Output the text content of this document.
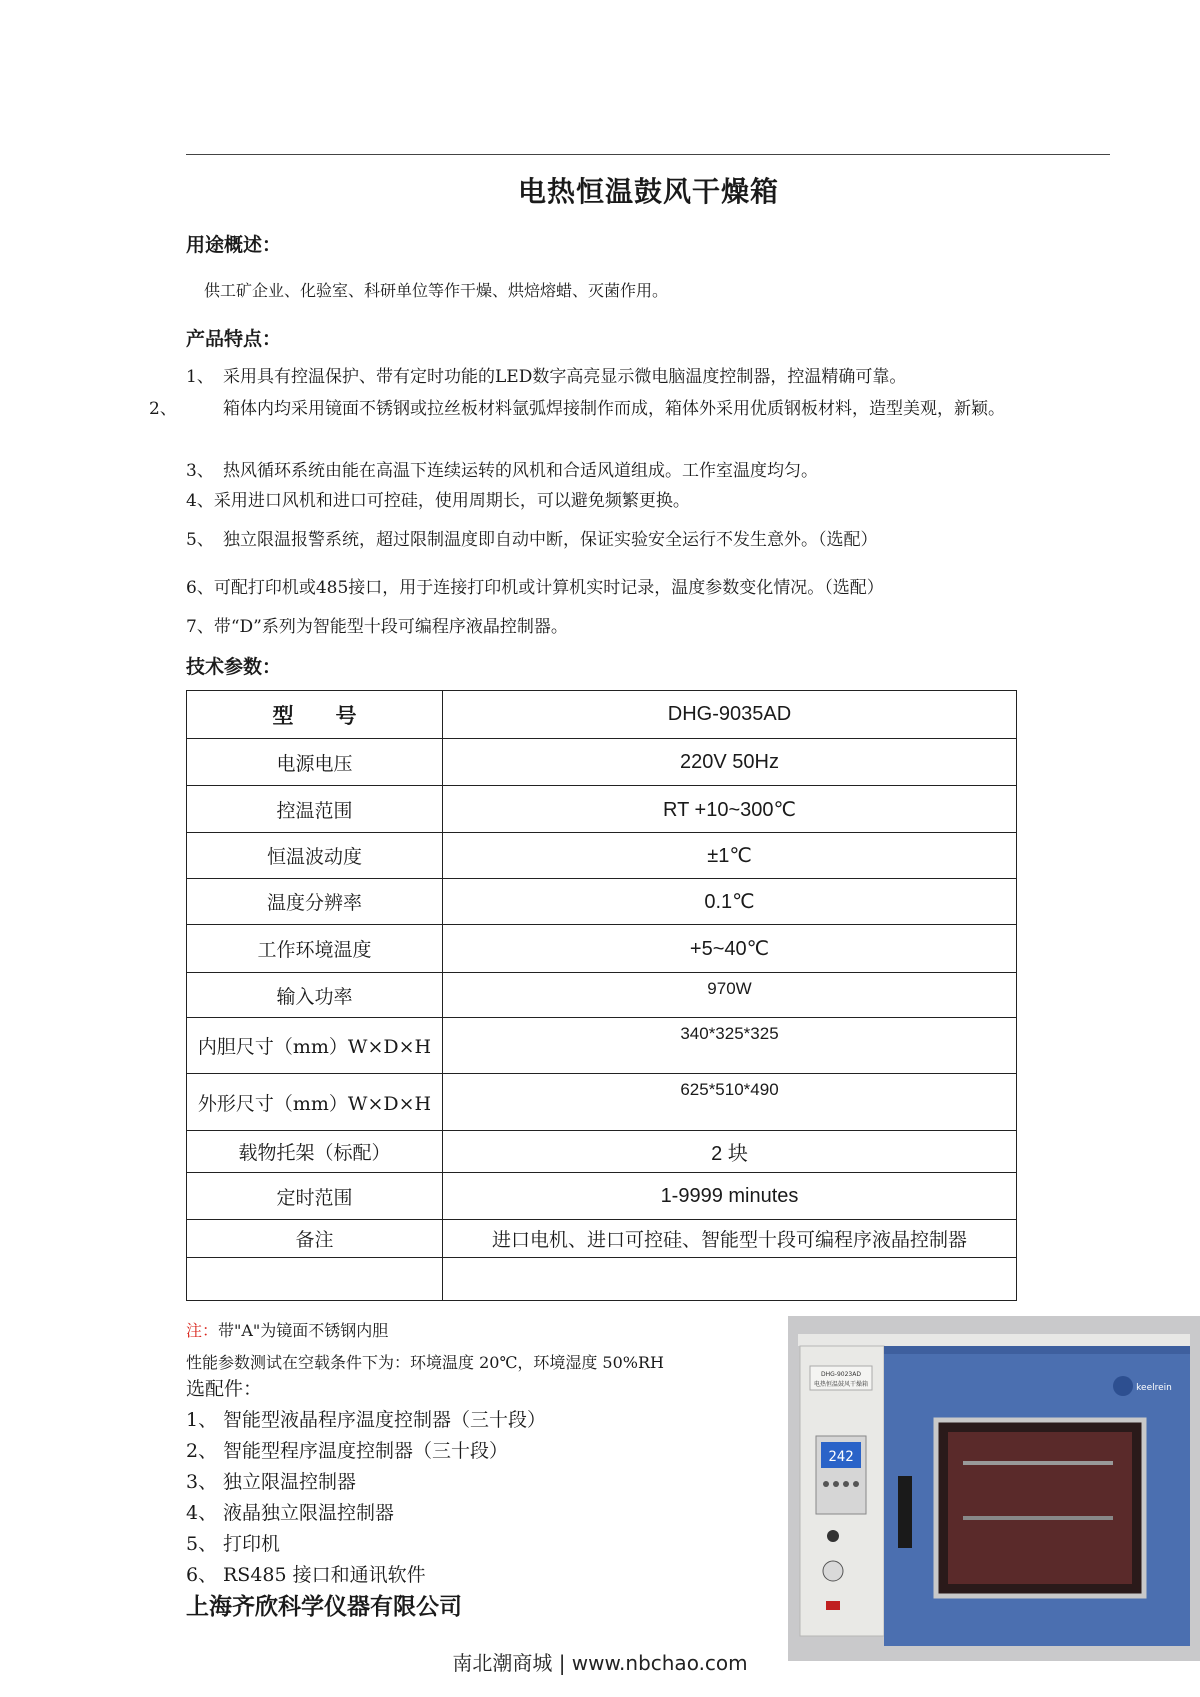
电热恒温鼓风干燥箱
用途概述：
供工矿企业、化验室、科研单位等作干燥、烘焙熔蜡、灭菌作用。
产品特点：
1、 采用具有控温保护、带有定时功能的LED数字高亮显示微电脑温度控制器，控温精确可靠。
2、	箱体内均采用镜面不锈钢或拉丝板材料氩弧焊接制作而成，箱体外采用优质钢板材料，造型美观，新颖。
3、 热风循环系统由能在高温下连续运转的风机和合适风道组成。工作室温度均匀。
4、采用进口风机和进口可控硅，使用周期长，可以避免频繁更换。
5、 独立限温报警系统，超过限制温度即自动中断，保证实验安全运行不发生意外。（选配）
6、可配打印机或485接口，用于连接打印机或计算机实时记录，温度参数变化情况。（选配）
7、带“D”系列为智能型十段可编程序液晶控制器。
技术参数：
型　　号	DHG-9035AD
电源电压	220V 50Hz
控温范围	RT +10~300℃
恒温波动度	±1℃
温度分辨率	0.1℃
工作环境温度	+5~40℃
输入功率	970W
内胆尺寸（mm）W×D×H	340*325*325
外形尺寸（mm）W×D×H	625*510*490
载物托架（标配）	2 块
定时范围	1-9999 minutes
备注	进口电机、进口可控硅、智能型十段可编程序液晶控制器

注：带"A"为镜面不锈钢内胆
性能参数测试在空载条件下为：环境温度 20℃，环境湿度 50%RH
选配件：
1、 智能型液晶程序温度控制器（三十段）
2、 智能型程序温度控制器（三十段）
3、 独立限温控制器
4、 液晶独立限温控制器
5、 打印机
6、 RS485 接口和通讯软件
上海齐欣科学仪器有限公司
DHG-9023AD
电热恒温鼓风干燥箱
242
keelrein
南北潮商城 | www.nbchao.com
